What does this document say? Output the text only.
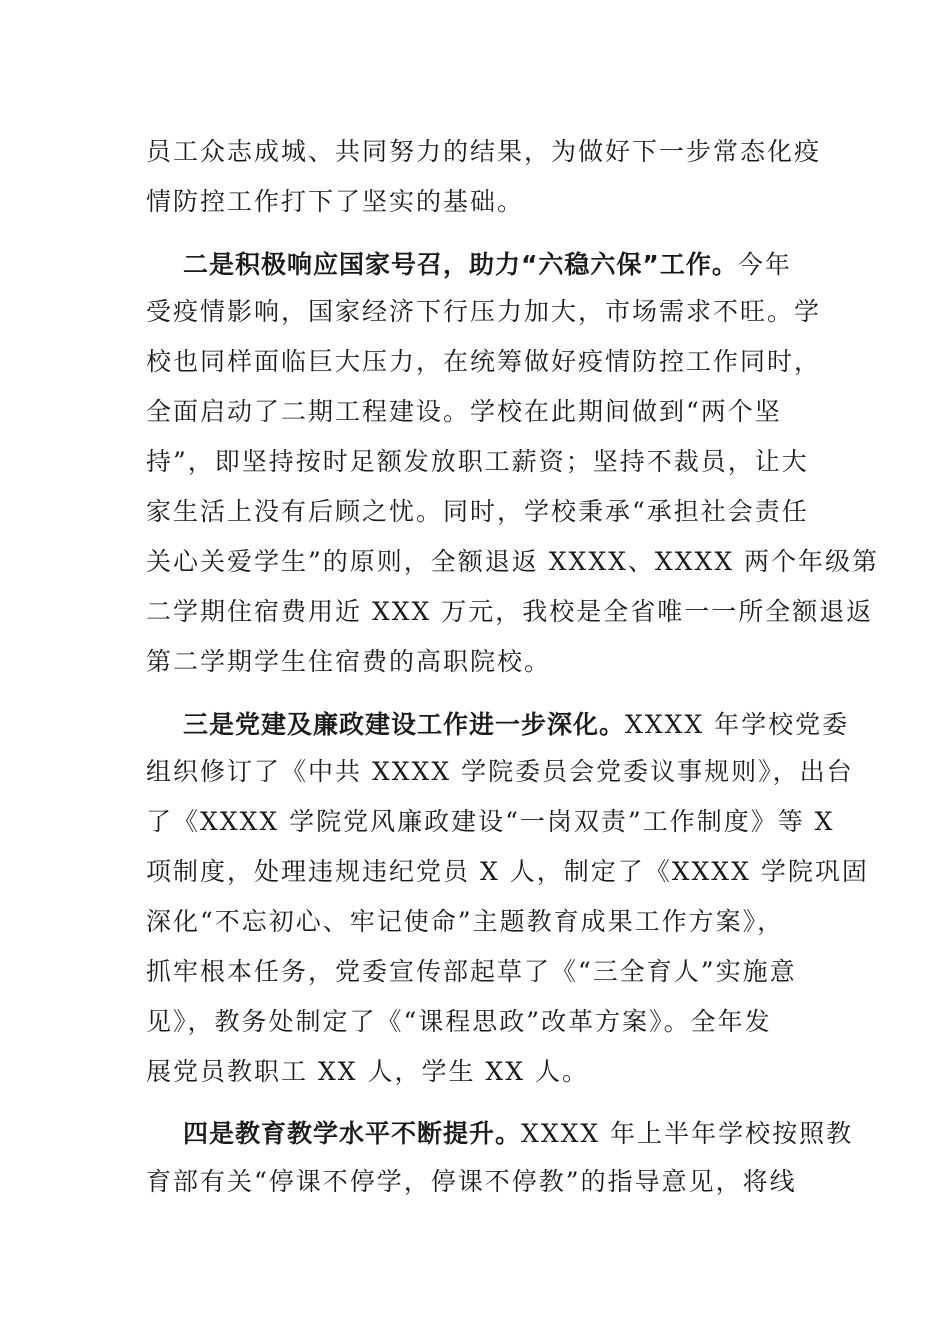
员工众志成城、共同努力的结果，为做好下一步常态化疫
情防控工作打下了坚实的基础。
二是积极响应国家号召，助力“六稳六保”工作。今年
受疫情影响，国家经济下行压力加大，市场需求不旺。学
校也同样面临巨大压力，在统筹做好疫情防控工作同时，
全面启动了二期工程建设。学校在此期间做到“两个坚
持”，即坚持按时足额发放职工薪资；坚持不裁员，让大
家生活上没有后顾之忧。同时，学校秉承“承担社会责任
关心关爱学生”的原则，全额退返 XXXX、XXXX 两个年级第
二学期住宿费用近 XXX 万元，我校是全省唯一一所全额退返
第二学期学生住宿费的高职院校。
三是党建及廉政建设工作进一步深化。XXXX 年学校党委
组织修订了《中共 XXXX 学院委员会党委议事规则》，出台
了《XXXX 学院党风廉政建设“一岗双责”工作制度》等 X
项制度，处理违规违纪党员 X 人，制定了《XXXX 学院巩固
深化“不忘初心、牢记使命”主题教育成果工作方案》，
抓牢根本任务，党委宣传部起草了《“三全育人”实施意
见》，教务处制定了《“课程思政”改革方案》。全年发
展党员教职工 XX 人，学生 XX 人。
四是教育教学水平不断提升。XXXX 年上半年学校按照教
育部有关“停课不停学，停课不停教”的指导意见，将线
